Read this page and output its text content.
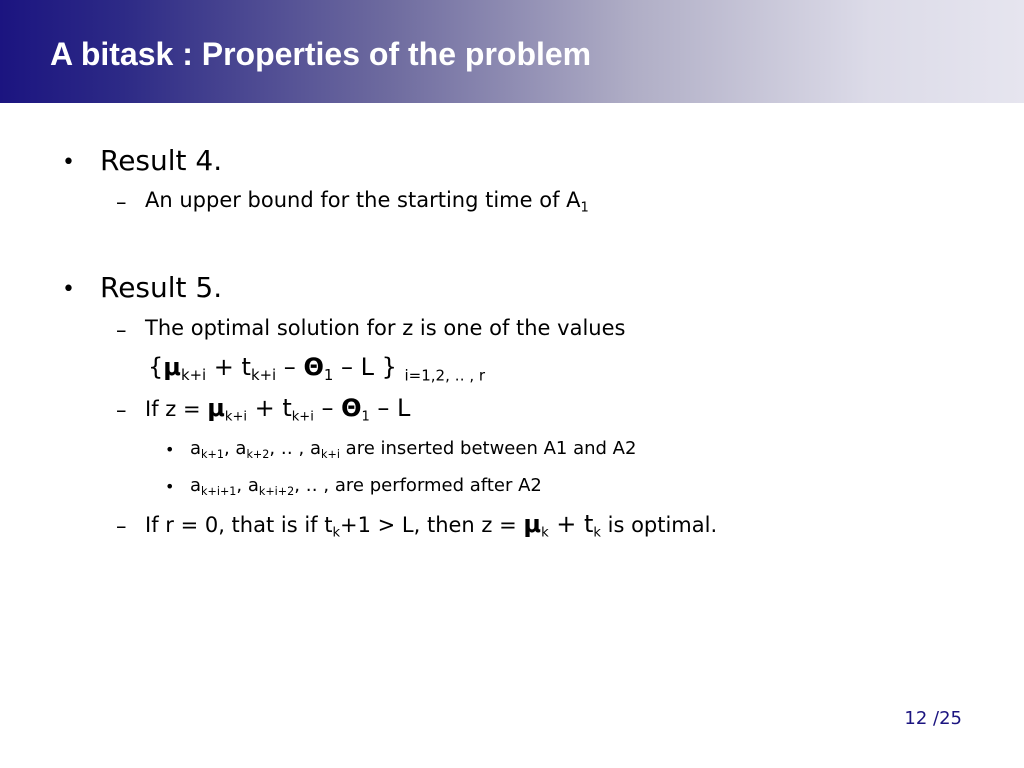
A bitask : Properties of the problem
• Result 4.
– An upper bound for the starting time of $A_1$
• Result 5.
– The optimal solution for z is one of the values
{$\mu_{k+i} + t_{k+i} - \Theta_1 - L$ } $_{i=1,2, ‥ , r}$
– If $z = \mu_{k+i} + t_{k+i} - \Theta_1 - L$
• $a_{k+1}$, $a_{k+2}$, ‥ , $a_{k+i}$ are inserted between A1 and A2
• $a_{k+i+1}$, $a_{k+i+2}$, ‥ , are performed after A2
– If r = 0, that is if $t_k+1 > L$, then $z = \mu_k + t_k$ is optimal.
12 /25
